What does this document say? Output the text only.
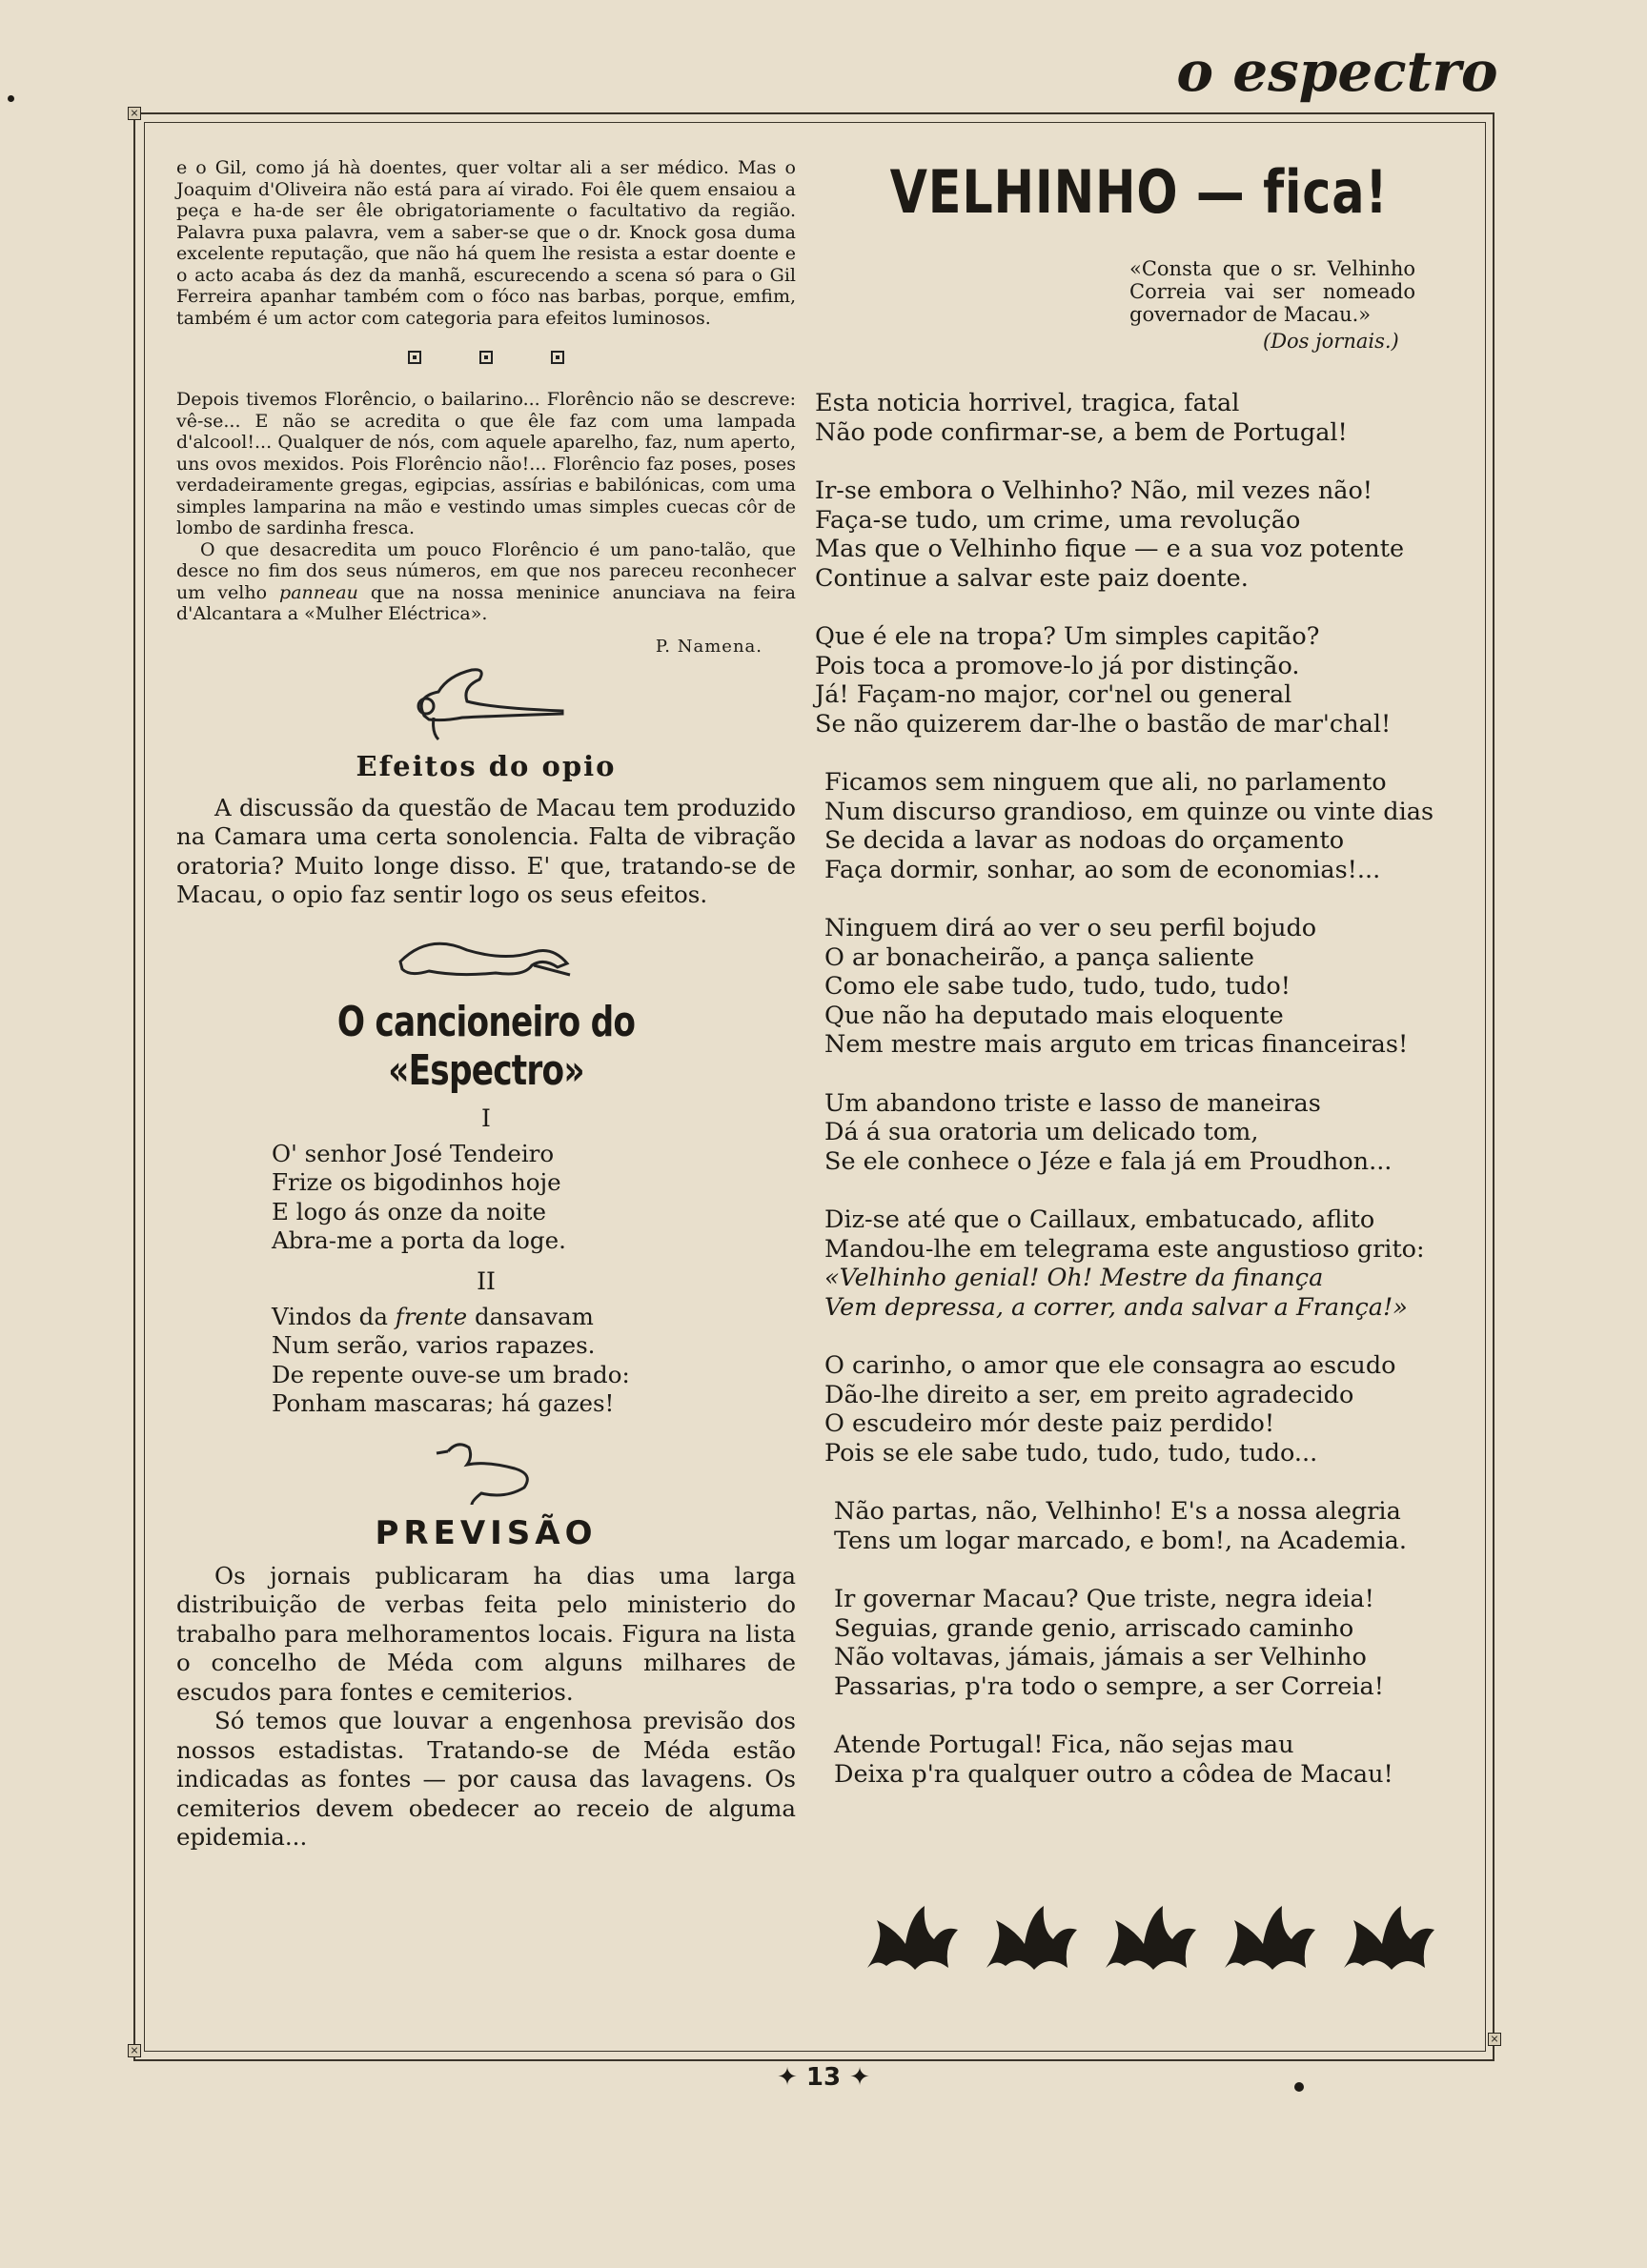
o espectro
×
×
×

e o Gil, como já hà doentes, quer voltar ali a ser médico. Mas o Joaquim d'Oliveira não está para aí virado. Foi êle quem ensaiou a peça e ha-de ser êle obrigatoriamente o facultativo da região. Palavra puxa palavra, vem a saber-se que o dr. Knock gosa duma excelente reputação, que não há quem lhe resista a estar doente e o acto acaba ás dez da manhã, escurecendo a scena só para o Gil Ferreira apanhar também com o fóco nas barbas, porque, emfim, também é um actor com categoria para efeitos luminosos.

Depois tivemos Florêncio, o bailarino... Florêncio não se descreve: vê-se... E não se acredita o que êle faz com uma lampada d'alcool!... Qualquer de nós, com aquele aparelho, faz, num aperto, uns ovos mexidos. Pois Florêncio não!... Florêncio faz poses, poses verdadeiramente gregas, egipcias, assírias e babilónicas, com uma simples lamparina na mão e vestindo umas simples cuecas côr de lombo de sardinha fresca.

O que desacredita um pouco Florêncio é um pano-talão, que desce no fim dos seus números, em que nos pareceu reconhecer um velho panneau que na nossa meninice anunciava na feira d'Alcantara a «Mulher Eléctrica».

P. Namena.
Efeitos do opio

A discussão da questão de Macau tem produzido na Camara uma certa sonolencia. Falta de vibração oratoria? Muito longe disso. E' que, tratando-se de Macau, o opio faz sentir logo os seus efeitos.

O cancioneiro do «Espectro»
I
O' senhor José Tendeiro
Frize os bigodinhos hoje
E logo ás onze da noite
Abra-me a porta da loge.
II
Vindos da frente dansavam
Num serão, varios rapazes.
De repente ouve-se um brado:
Ponham mascaras; há gazes!
PREVISÃO

Os jornais publicaram ha dias uma larga distribuição de verbas feita pelo ministerio do trabalho para melhoramentos locais. Figura na lista o concelho de Méda com alguns milhares de escudos para fontes e cemiterios.

Só temos que louvar a engenhosa previsão dos nossos estadistas. Tratando-se de Méda estão indicadas as fontes — por causa das lavagens. Os cemiterios devem obedecer ao receio de alguma epidemia...

VELHINHO — fica!
«Consta que o sr. Velhinho Correia vai ser nomeado governador de Macau.»
(Dos jornais.)
Esta noticia horrivel, tragica, fatal
Não pode confirmar-se, a bem de Portugal!
Ir-se embora o Velhinho? Não, mil vezes não!
Faça-se tudo, um crime, uma revolução
Mas que o Velhinho fique — e a sua voz potente
Continue a salvar este paiz doente.
Que é ele na tropa? Um simples capitão?
Pois toca a promove-lo já por distinção.
Já! Façam-no major, cor'nel ou general
Se não quizerem dar-lhe o bastão de mar'chal!
Ficamos sem ninguem que ali, no parlamento
Num discurso grandioso, em quinze ou vinte dias
Se decida a lavar as nodoas do orçamento
Faça dormir, sonhar, ao som de economias!...
Ninguem dirá ao ver o seu perfil bojudo
O ar bonacheirão, a pança saliente
Como ele sabe tudo, tudo, tudo, tudo!
Que não ha deputado mais eloquente
Nem mestre mais arguto em tricas financeiras!
Um abandono triste e lasso de maneiras
Dá á sua oratoria um delicado tom,
Se ele conhece o Jéze e fala já em Proudhon...
Diz-se até que o Caillaux, embatucado, aflito
Mandou-lhe em telegrama este angustioso grito:
«Velhinho genial! Oh! Mestre da finança
Vem depressa, a correr, anda salvar a França!»
O carinho, o amor que ele consagra ao escudo
Dão-lhe direito a ser, em preito agradecido
O escudeiro mór deste paiz perdido!
Pois se ele sabe tudo, tudo, tudo, tudo...
Não partas, não, Velhinho! E's a nossa alegria
Tens um logar marcado, e bom!, na Academia.
Ir governar Macau? Que triste, negra ideia!
Seguias, grande genio, arriscado caminho
Não voltavas, jámais, jámais a ser Velhinho
Passarias, p'ra todo o sempre, a ser Correia!
Atende Portugal! Fica, não sejas mau
Deixa p'ra qualquer outro a côdea de Macau!
✦ 13 ✦
